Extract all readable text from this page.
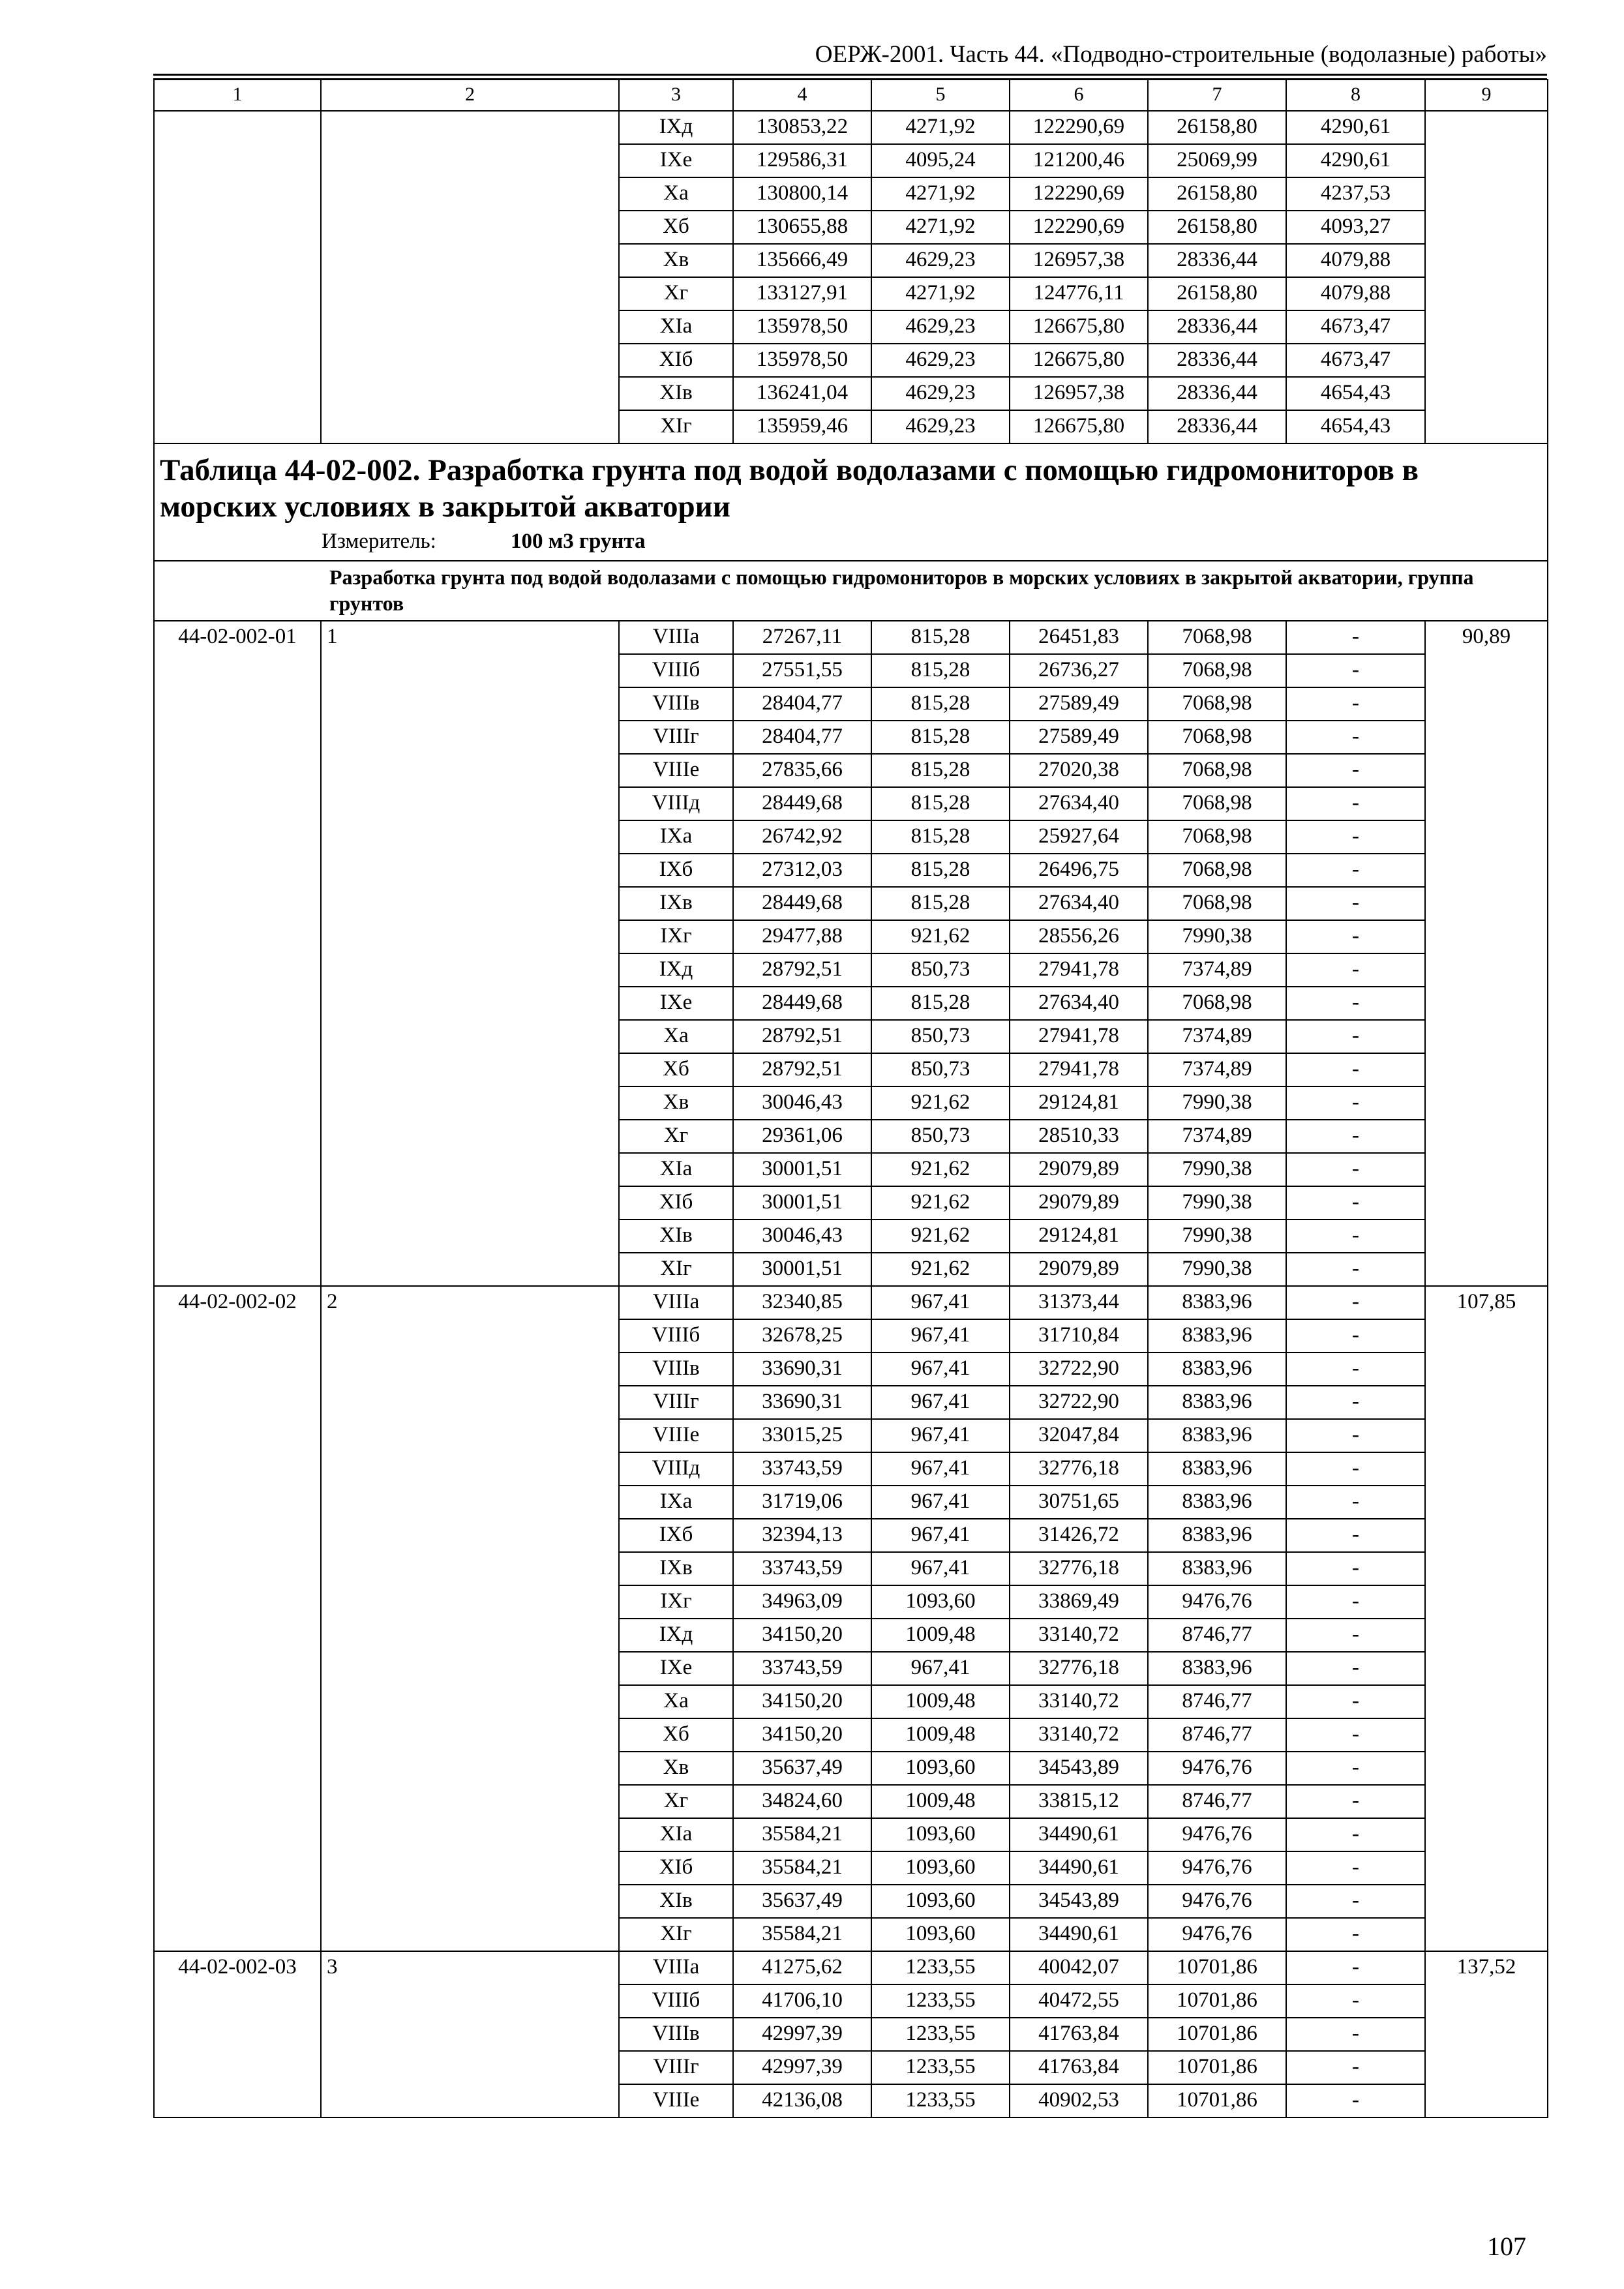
ОЕРЖ-2001. Часть 44. «Подводно-строительные (водолазные) работы»
1	2	3	4	5	6	7	8	9
		IXд	130853,22	4271,92	122290,69	26158,80	4290,61	
		IXе	129586,31	4095,24	121200,46	25069,99	4290,61	
		Xа	130800,14	4271,92	122290,69	26158,80	4237,53	
		Xб	130655,88	4271,92	122290,69	26158,80	4093,27	
		Xв	135666,49	4629,23	126957,38	28336,44	4079,88	
		Xг	133127,91	4271,92	124776,11	26158,80	4079,88	
		XIа	135978,50	4629,23	126675,80	28336,44	4673,47	
		XIб	135978,50	4629,23	126675,80	28336,44	4673,47	
		XIв	136241,04	4629,23	126957,38	28336,44	4654,43	
		XIг	135959,46	4629,23	126675,80	28336,44	4654,43	
Таблица 44-02-002. Разработка грунта под водой водолазами с помощью гидромониторов в морских условиях в закрытой акватории								
Измеритель: 100 м3 грунта								
Разработка грунта под водой водолазами с помощью гидромониторов в морских условиях в закрытой акватории, группа грунтов								
44-02-002-01	1	VIIIа	27267,11	815,28	26451,83	7068,98	-	90,89
		VIIIб	27551,55	815,28	26736,27	7068,98	-	
		VIIIв	28404,77	815,28	27589,49	7068,98	-	
		VIIIг	28404,77	815,28	27589,49	7068,98	-	
		VIIIе	27835,66	815,28	27020,38	7068,98	-	
		VIIIд	28449,68	815,28	27634,40	7068,98	-	
		IXа	26742,92	815,28	25927,64	7068,98	-	
		IXб	27312,03	815,28	26496,75	7068,98	-	
		IXв	28449,68	815,28	27634,40	7068,98	-	
		IXг	29477,88	921,62	28556,26	7990,38	-	
		IXд	28792,51	850,73	27941,78	7374,89	-	
		IXе	28449,68	815,28	27634,40	7068,98	-	
		Xа	28792,51	850,73	27941,78	7374,89	-	
		Xб	28792,51	850,73	27941,78	7374,89	-	
		Xв	30046,43	921,62	29124,81	7990,38	-	
		Xг	29361,06	850,73	28510,33	7374,89	-	
		XIа	30001,51	921,62	29079,89	7990,38	-	
		XIб	30001,51	921,62	29079,89	7990,38	-	
		XIв	30046,43	921,62	29124,81	7990,38	-	
		XIг	30001,51	921,62	29079,89	7990,38	-	
44-02-002-02	2	VIIIа	32340,85	967,41	31373,44	8383,96	-	107,85
		VIIIб	32678,25	967,41	31710,84	8383,96	-	
		VIIIв	33690,31	967,41	32722,90	8383,96	-	
		VIIIг	33690,31	967,41	32722,90	8383,96	-	
		VIIIе	33015,25	967,41	32047,84	8383,96	-	
		VIIIд	33743,59	967,41	32776,18	8383,96	-	
		IXа	31719,06	967,41	30751,65	8383,96	-	
		IXб	32394,13	967,41	31426,72	8383,96	-	
		IXв	33743,59	967,41	32776,18	8383,96	-	
		IXг	34963,09	1093,60	33869,49	9476,76	-	
		IXд	34150,20	1009,48	33140,72	8746,77	-	
		IXе	33743,59	967,41	32776,18	8383,96	-	
		Xа	34150,20	1009,48	33140,72	8746,77	-	
		Xб	34150,20	1009,48	33140,72	8746,77	-	
		Xв	35637,49	1093,60	34543,89	9476,76	-	
		Xг	34824,60	1009,48	33815,12	8746,77	-	
		XIа	35584,21	1093,60	34490,61	9476,76	-	
		XIб	35584,21	1093,60	34490,61	9476,76	-	
		XIв	35637,49	1093,60	34543,89	9476,76	-	
		XIг	35584,21	1093,60	34490,61	9476,76	-	
44-02-002-03	3	VIIIа	41275,62	1233,55	40042,07	10701,86	-	137,52
		VIIIб	41706,10	1233,55	40472,55	10701,86	-	
		VIIIв	42997,39	1233,55	41763,84	10701,86	-	
		VIIIг	42997,39	1233,55	41763,84	10701,86	-	
		VIIIе	42136,08	1233,55	40902,53	10701,86	-	
107
